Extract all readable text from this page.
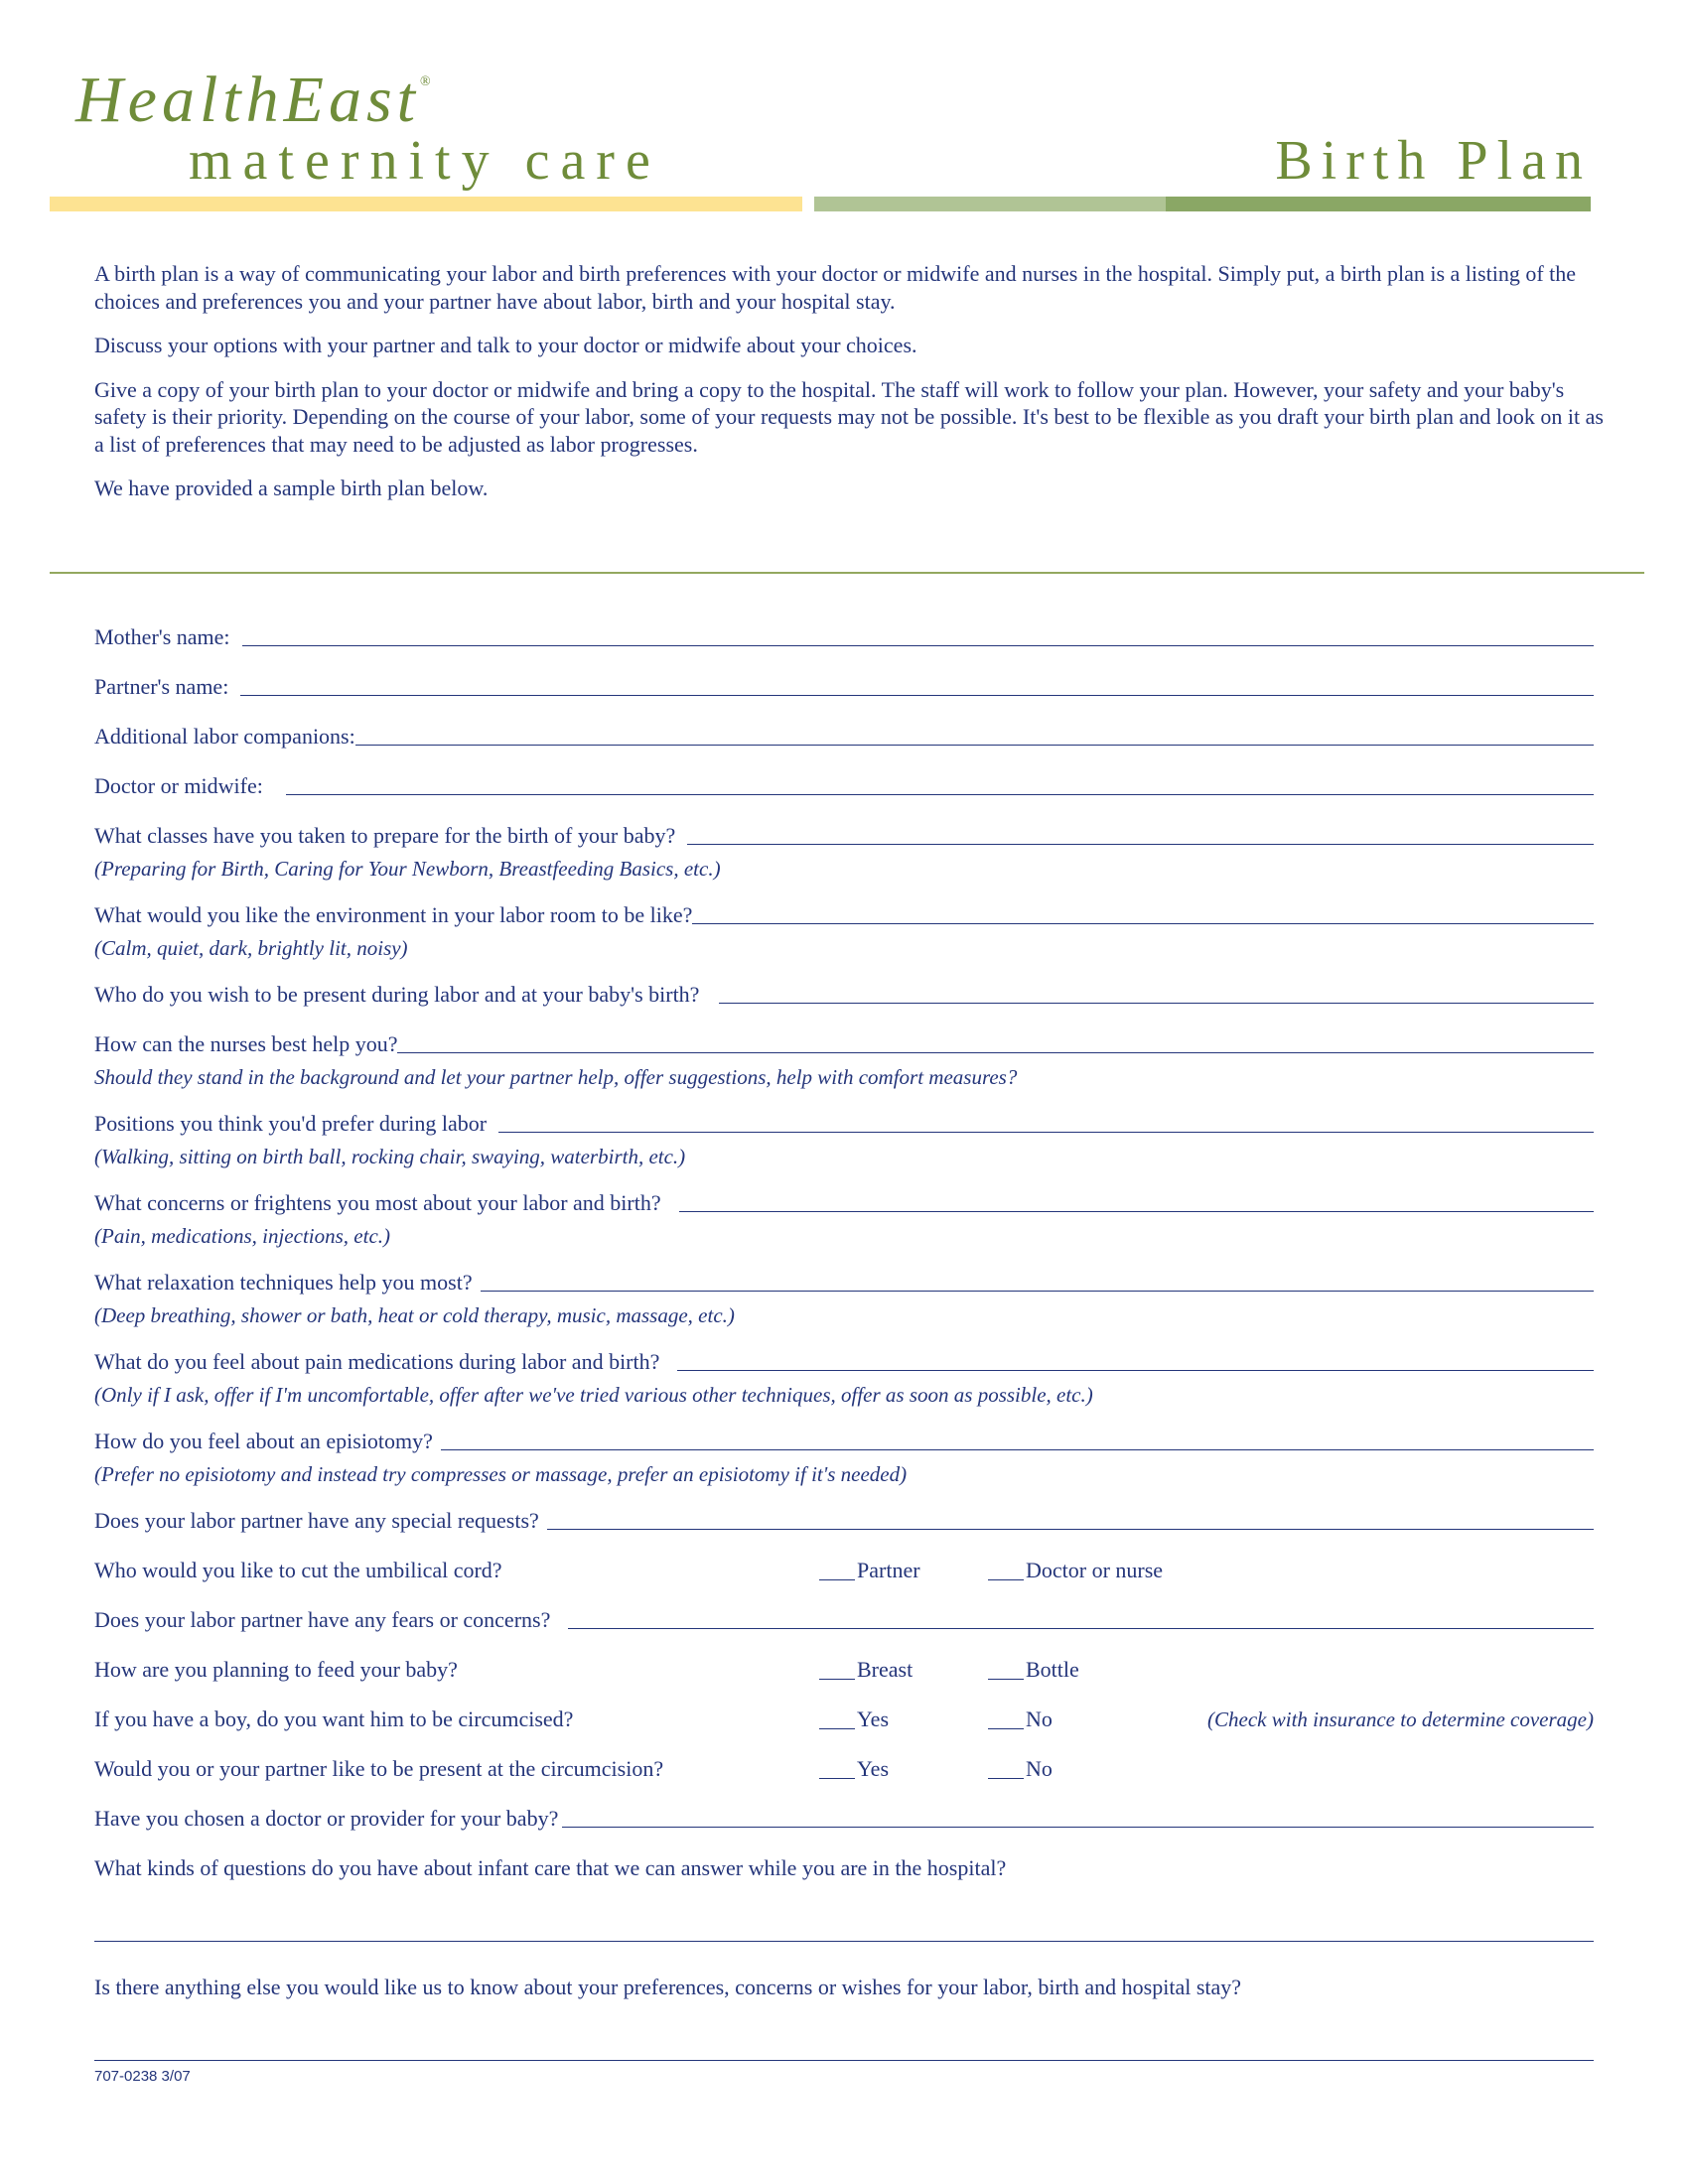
HealthEast®
maternity care	Birth Plan

A birth plan is a way of communicating your labor and birth preferences with your doctor or midwife and nurses in the hospital. Simply put, a birth plan is a listing of the choices and preferences you and your partner have about labor, birth and your hospital stay.

Discuss your options with your partner and talk to your doctor or midwife about your choices.

Give a copy of your birth plan to your doctor or midwife and bring a copy to the hospital. The staff will work to follow your plan. However, your safety and your baby's safety is their priority. Depending on the course of your labor, some of your requests may not be possible. It's best to be flexible as you draft your birth plan and look on it as a list of preferences that may need to be adjusted as labor progresses.

We have provided a sample birth plan below.

Mother's name:
Partner's name:
Additional labor companions:
Doctor or midwife:
What classes have you taken to prepare for the birth of your baby?
(Preparing for Birth, Caring for Your Newborn, Breastfeeding Basics, etc.)
What would you like the environment in your labor room to be like?
(Calm, quiet, dark, brightly lit, noisy)
Who do you wish to be present during labor and at your baby's birth?
How can the nurses best help you?
Should they stand in the background and let your partner help, offer suggestions, help with comfort measures?
Positions you think you'd prefer during labor
(Walking, sitting on birth ball, rocking chair, swaying, waterbirth, etc.)
What concerns or frightens you most about your labor and birth?
(Pain, medications, injections, etc.)
What relaxation techniques help you most?
(Deep breathing, shower or bath, heat or cold therapy, music, massage, etc.)
What do you feel about pain medications during labor and birth?
(Only if I ask, offer if I'm uncomfortable, offer after we've tried various other techniques, offer as soon as possible, etc.)
How do you feel about an episiotomy?
(Prefer no episiotomy and instead try compresses or massage, prefer an episiotomy if it's needed)
Does your labor partner have any special requests?
Who would you like to cut the umbilical cord?	Partner	Doctor or nurse
Does your labor partner have any fears or concerns?
How are you planning to feed your baby?	Breast	Bottle
If you have a boy, do you want him to be circumcised?	Yes	No	(Check with insurance to determine coverage)
Would you or your partner like to be present at the circumcision?	Yes	No
Have you chosen a doctor or provider for your baby?
What kinds of questions do you have about infant care that we can answer while you are in the hospital?
Is there anything else you would like us to know about your preferences, concerns or wishes for your labor, birth and hospital stay?
707-0238 3/07
